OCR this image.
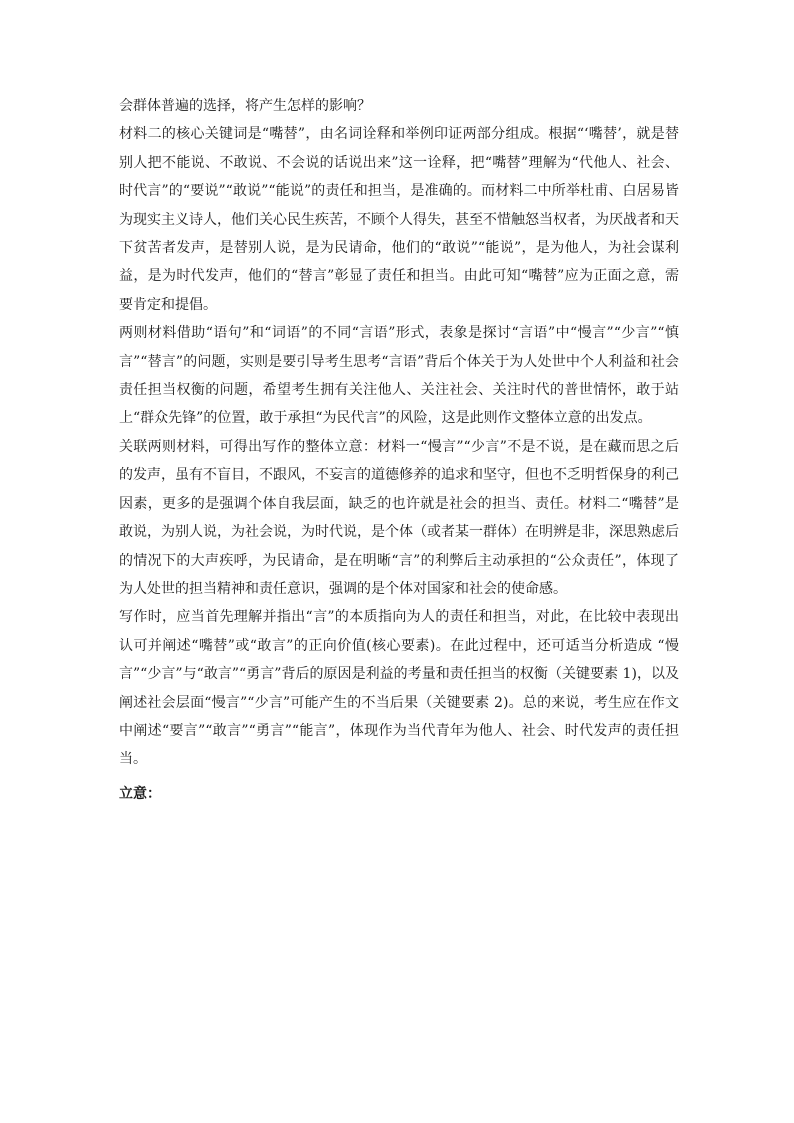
会群体普遍的选择，将产生怎样的影响？

材料二的核心关键词是“嘴替”，由名词诠释和举例印证两部分组成。根据“‘嘴替’，就是替别人把不能说、不敢说、不会说的话说出来”这一诠释，把“嘴替”理解为“代他人、社会、时代言”的“要说”“敢说”“能说”的责任和担当，是准确的。而材料二中所举杜甫、白居易皆为现实主义诗人，他们关心民生疾苦，不顾个人得失，甚至不惜触怒当权者，为厌战者和天下贫苦者发声，是替别人说，是为民请命，他们的“敢说”“能说”，是为他人，为社会谋利益，是为时代发声，他们的“替言”彰显了责任和担当。由此可知“嘴替”应为正面之意，需要肯定和提倡。

两则材料借助“语句”和“词语”的不同“言语”形式，表象是探讨“言语”中“慢言”“少言”“慎言”“替言”的问题，实则是要引导考生思考“言语”背后个体关于为人处世中个人利益和社会责任担当权衡的问题，希望考生拥有关注他人、关注社会、关注时代的普世情怀，敢于站上“群众先锋”的位置，敢于承担“为民代言”的风险，这是此则作文整体立意的出发点。

关联两则材料，可得出写作的整体立意：材料一“慢言”“少言”不是不说，是在藏而思之后的发声，虽有不盲目，不跟风，不妄言的道德修养的追求和坚守，但也不乏明哲保身的利己因素，更多的是强调个体自我层面，缺乏的也许就是社会的担当、责任。材料二“嘴替”是敢说，为别人说，为社会说，为时代说，是个体（或者某一群体）在明辨是非，深思熟虑后的情况下的大声疾呼，为民请命，是在明晰“言”的利弊后主动承担的“公众责任”，体现了为人处世的担当精神和责任意识，强调的是个体对国家和社会的使命感。

写作时，应当首先理解并指出“言”的本质指向为人的责任和担当，对此，在比较中表现出认可并阐述“嘴替”或“敢言”的正向价值(核心要素)。在此过程中，还可适当分析造成 “慢言”“少言”与“敢言”“勇言”背后的原因是利益的考量和责任担当的权衡（关键要素 1)，以及阐述社会层面“慢言”“少言”可能产生的不当后果（关键要素 2)。总的来说，考生应在作文中阐述“要言”“敢言”“勇言”“能言”，体现作为当代青年为他人、社会、时代发声的责任担当。

立意：
